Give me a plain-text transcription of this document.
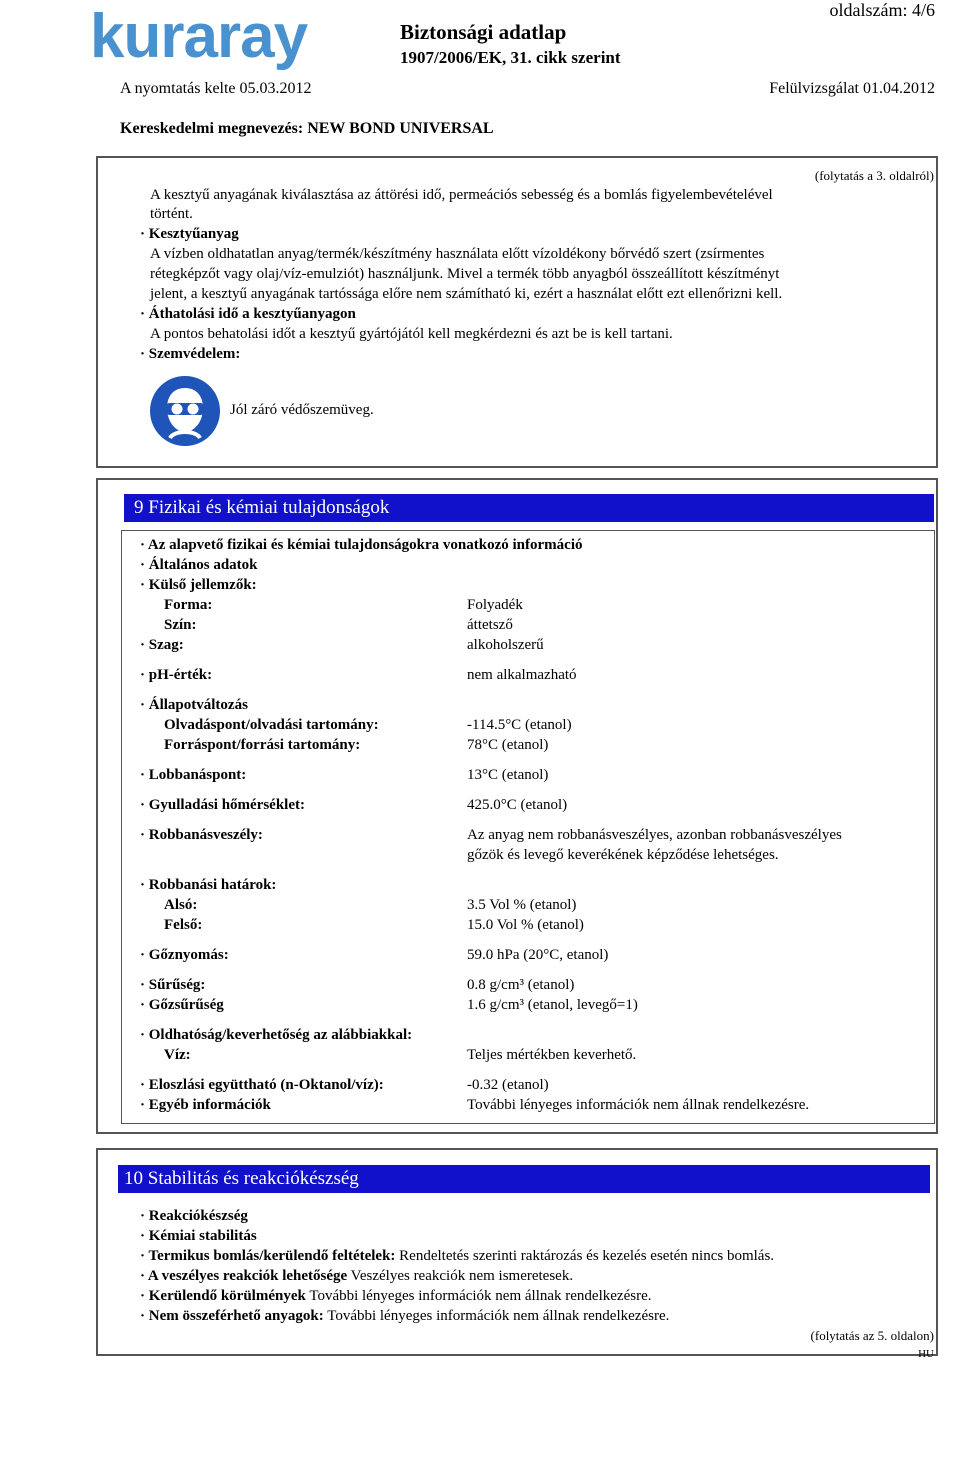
kuraray	oldalszám: 4/6
Biztonsági adatlap
1907/2006/EK, 31. cikk szerint
A nyomtatás kelte 05.03.2012	Felülvizsgálat 01.04.2012
Kereskedelmi megnevezés: NEW BOND UNIVERSAL
(folytatás a 3. oldalról)
A kesztyű anyagának kiválasztása az áttörési idő, permeációs sebesség és a bomlás figyelembevételével
történt.
· Kesztyűanyag
A vízben oldhatatlan anyag/termék/készítmény használata előtt vízoldékony bőrvédő szert (zsírmentes
rétegképzőt vagy olaj/víz-emulziót) használjunk. Mivel a termék több anyagból összeállított készítményt
jelent, a kesztyű anyagának tartóssága előre nem számítható ki, ezért a használat előtt ezt ellenőrizni kell.
· Áthatolási idő a kesztyűanyagon
A pontos behatolási időt a kesztyű gyártójától kell megkérdezni és azt be is kell tartani.
· Szemvédelem:
Jól záró védőszemüveg.
9 Fizikai és kémiai tulajdonságok
· Az alapvető fizikai és kémiai tulajdonságokra vonatkozó információ
· Általános adatok
· Külső jellemzők:
Forma:	Folyadék
Szín:	áttetsző
· Szag:	alkoholszerű
· pH-érték:	nem alkalmazható
· Állapotváltozás
Olvadáspont/olvadási tartomány:	-114.5°C (etanol)
Forráspont/forrási tartomány:	78°C (etanol)
· Lobbanáspont:	13°C (etanol)
· Gyulladási hőmérséklet:	425.0°C (etanol)
· Robbanásveszély:	Az anyag nem robbanásveszélyes, azonban robbanásveszélyes
gőzök és levegő keverékének képződése lehetséges.
· Robbanási határok:
Alsó:	3.5 Vol % (etanol)
Felső:	15.0 Vol % (etanol)
· Gőznyomás:	59.0 hPa (20°C, etanol)
· Sűrűség:	0.8 g/cm³ (etanol)
· Gőzsűrűség	1.6 g/cm³ (etanol, levegő=1)
· Oldhatóság/keverhetőség az alábbiakkal:
Víz:	Teljes mértékben keverhető.
· Eloszlási együttható (n-Oktanol/víz):	-0.32 (etanol)
· Egyéb információk	További lényeges információk nem állnak rendelkezésre.
10 Stabilitás és reakciókészség
· Reakciókészség
· Kémiai stabilitás
· Termikus bomlás/kerülendő feltételek: Rendeltetés szerinti raktározás és kezelés esetén nincs bomlás.
· A veszélyes reakciók lehetősége Veszélyes reakciók nem ismeretesek.
· Kerülendő körülmények További lényeges információk nem állnak rendelkezésre.
· Nem összeférhető anyagok: További lényeges információk nem állnak rendelkezésre.
(folytatás az 5. oldalon)
HU
